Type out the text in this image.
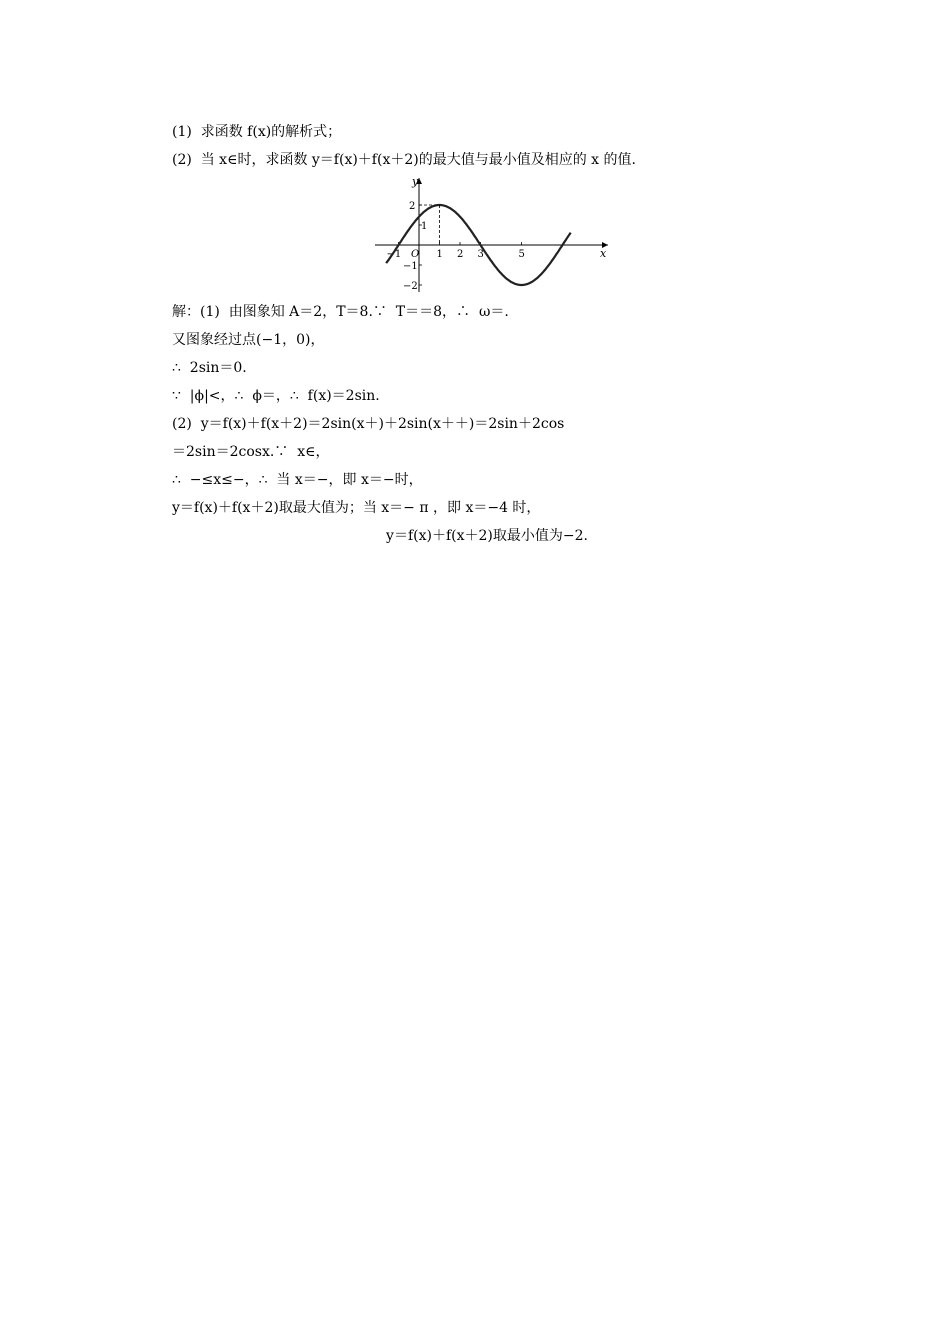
(1)  求函数 f(x)的解析式；
(2)  当 x∈时，求函数 y＝f(x)＋f(x＋2)的最大值与最小值及相应的 x 的值.
y
x
O
−1	1 2 3	5
2
1
−1
−2
解：(1)  由图象知 A＝2，T＝8.∵  T＝＝8，∴  ω＝.
又图象经过点(−1，0)，
∴  2sin＝0.
∵  |ϕ|<，∴  ϕ＝，∴  f(x)＝2sin.
(2)  y＝f(x)＋f(x＋2)＝2sin(x＋)＋2sin(x＋＋)＝2sin＋2cos
＝2sin＝2cosx.∵  x∈，
∴  −≤x≤−，∴  当 x＝−，即 x＝−时，
y＝f(x)＋f(x＋2)取最大值为；当 x＝− π ，即 x＝−4 时，
y＝f(x)＋f(x＋2)取最小值为−2.
